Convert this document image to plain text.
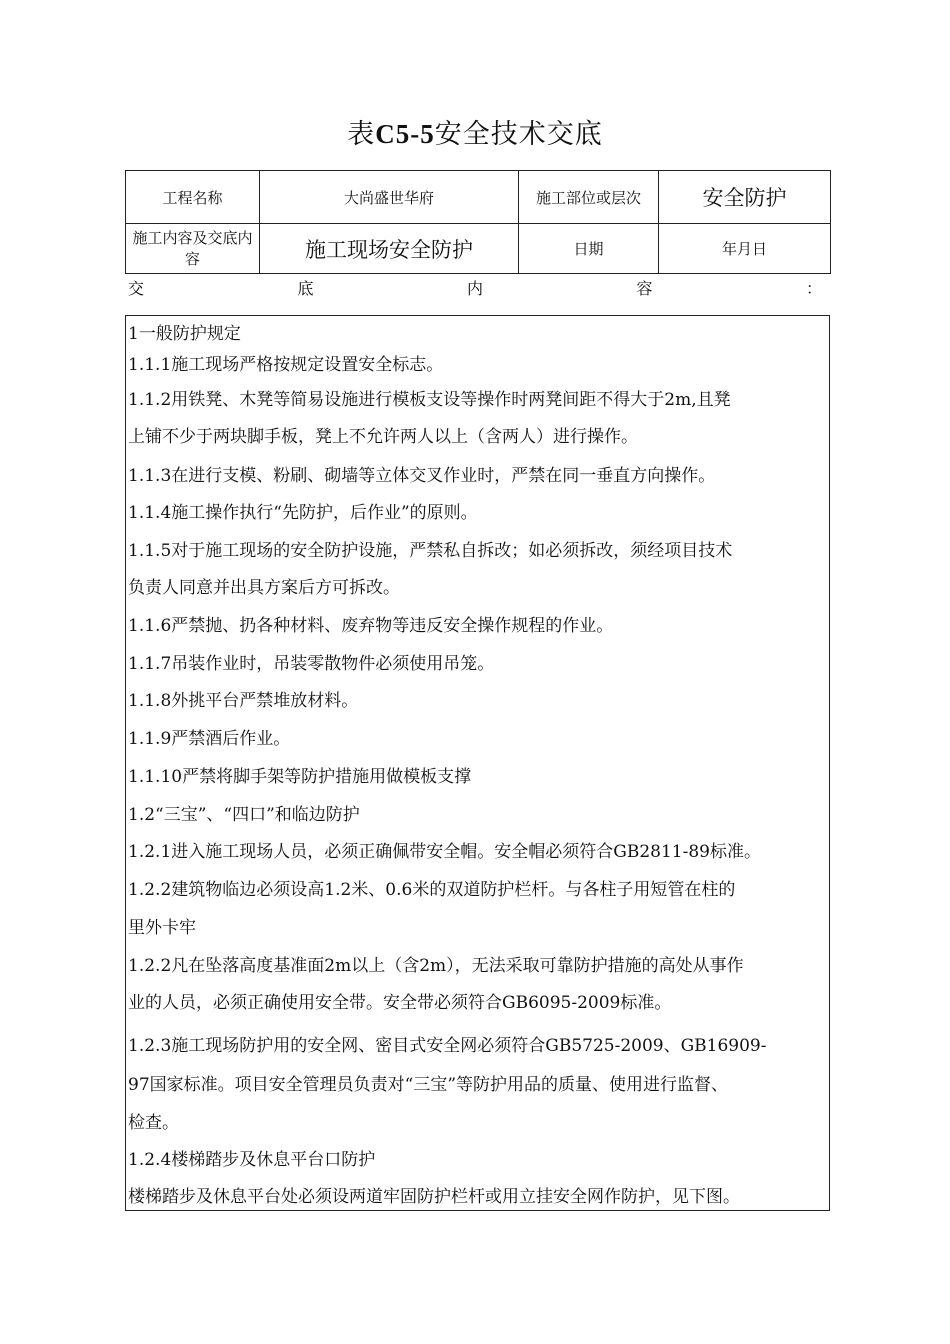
表C5-5安全技术交底
工程名称	大尚盛世华府	施工部位或层次	安全防护
施工内容及交底内容	施工现场安全防护	日期	年月日
交	底	内	容	：
1一般防护规定
1.1.1施工现场严格按规定设置安全标志。
1.1.2用铁凳、木凳等简易设施进行模板支设等操作时两凳间距不得大于2m,且凳
上铺不少于两块脚手板，凳上不允许两人以上（含两人）进行操作。
1.1.3在进行支模、粉刷、砌墙等立体交叉作业时，严禁在同一垂直方向操作。
1.1.4施工操作执行“先防护，后作业”的原则。
1.1.5对于施工现场的安全防护设施，严禁私自拆改；如必须拆改，须经项目技术
负责人同意并出具方案后方可拆改。
1.1.6严禁抛、扔各种材料、废弃物等违反安全操作规程的作业。
1.1.7吊装作业时，吊装零散物件必须使用吊笼。
1.1.8外挑平台严禁堆放材料。
1.1.9严禁酒后作业。
1.1.10严禁将脚手架等防护措施用做模板支撑
1.2“三宝”、“四口”和临边防护
1.2.1进入施工现场人员，必须正确佩带安全帽。安全帽必须符合GB2811-89标准。
1.2.2建筑物临边必须设高1.2米、0.6米的双道防护栏杆。与各柱子用短管在柱的
里外卡牢
1.2.2凡在坠落高度基准面2m以上（含2m），无法采取可靠防护措施的高处从事作
业的人员，必须正确使用安全带。安全带必须符合GB6095-2009标准。
1.2.3施工现场防护用的安全网、密目式安全网必须符合GB5725-2009、GB16909-
97国家标准。项目安全管理员负责对“三宝”等防护用品的质量、使用进行监督、
检查。
1.2.4楼梯踏步及休息平台口防护
楼梯踏步及休息平台处必须设两道牢固防护栏杆或用立挂安全网作防护，见下图。
